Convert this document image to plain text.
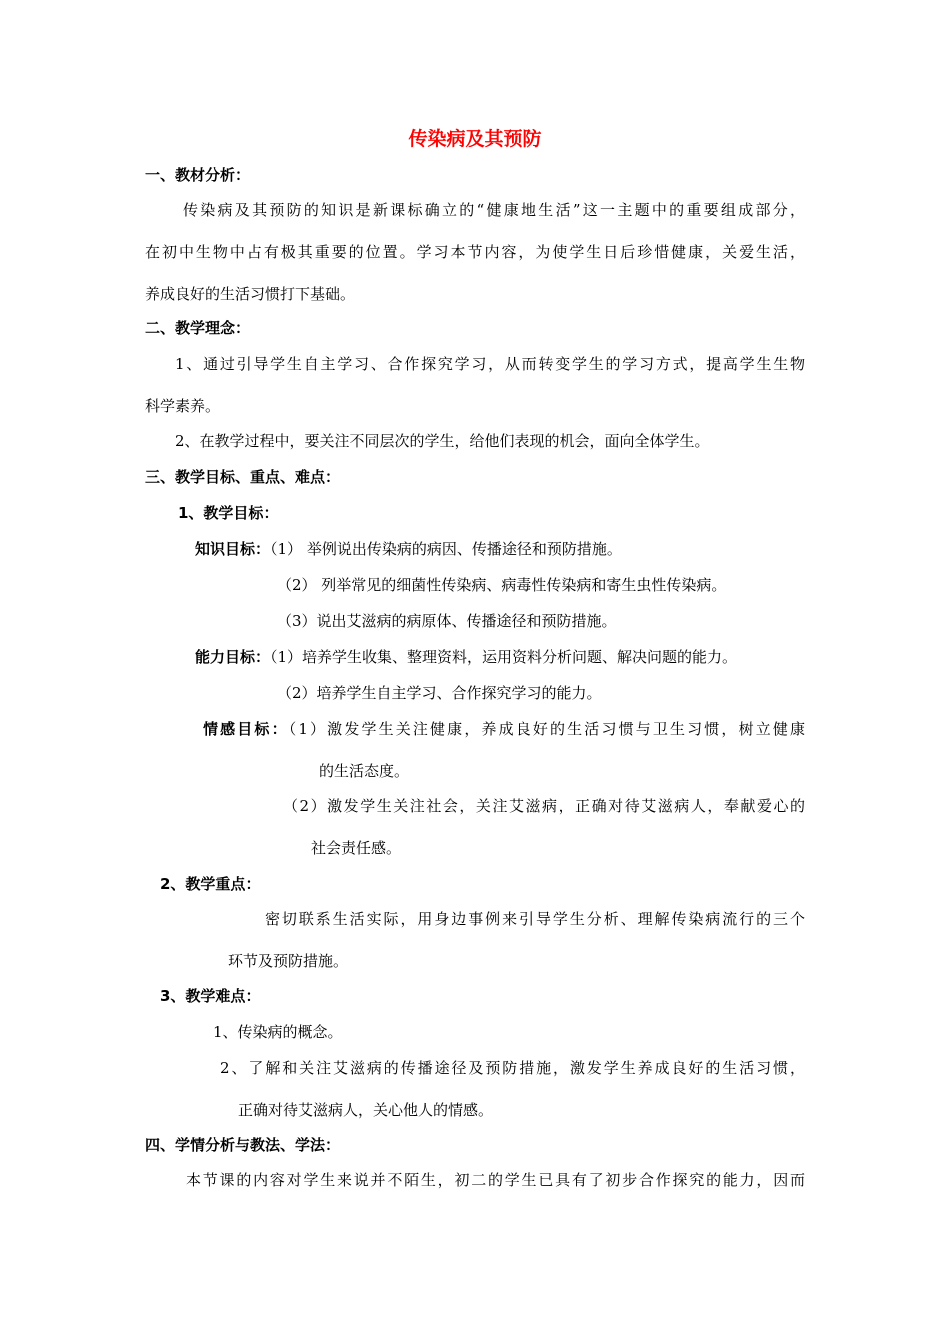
传染病及其预防
一、教材分析：
传染病及其预防的知识是新课标确立的“健康地生活”这一主题中的重要组成部分，
在初中生物中占有极其重要的位置。学习本节内容，为使学生日后珍惜健康，关爱生活，
养成良好的生活习惯打下基础。
二、教学理念：
1、通过引导学生自主学习、合作探究学习，从而转变学生的学习方式，提高学生生物
科学素养。
2、在教学过程中，要关注不同层次的学生，给他们表现的机会，面向全体学生。
三、教学目标、重点、难点：
1、教学目标：
知识目标：（1） 举例说出传染病的病因、传播途径和预防措施。
（2） 列举常见的细菌性传染病、病毒性传染病和寄生虫性传染病。
（3）说出艾滋病的病原体、传播途径和预防措施。
能力目标：（1）培养学生收集、整理资料，运用资料分析问题、解决问题的能力。
（2）培养学生自主学习、合作探究学习的能力。
情感目标：（1）激发学生关注健康，养成良好的生活习惯与卫生习惯，树立健康
的生活态度。
（2）激发学生关注社会，关注艾滋病，正确对待艾滋病人，奉献爱心的
社会责任感。
2、教学重点：
密切联系生活实际，用身边事例来引导学生分析、理解传染病流行的三个
环节及预防措施。
3、教学难点：
1、传染病的概念。
2、了解和关注艾滋病的传播途径及预防措施，激发学生养成良好的生活习惯，
正确对待艾滋病人，关心他人的情感。
四、学情分析与教法、学法：
本节课的内容对学生来说并不陌生，初二的学生已具有了初步合作探究的能力，因而
